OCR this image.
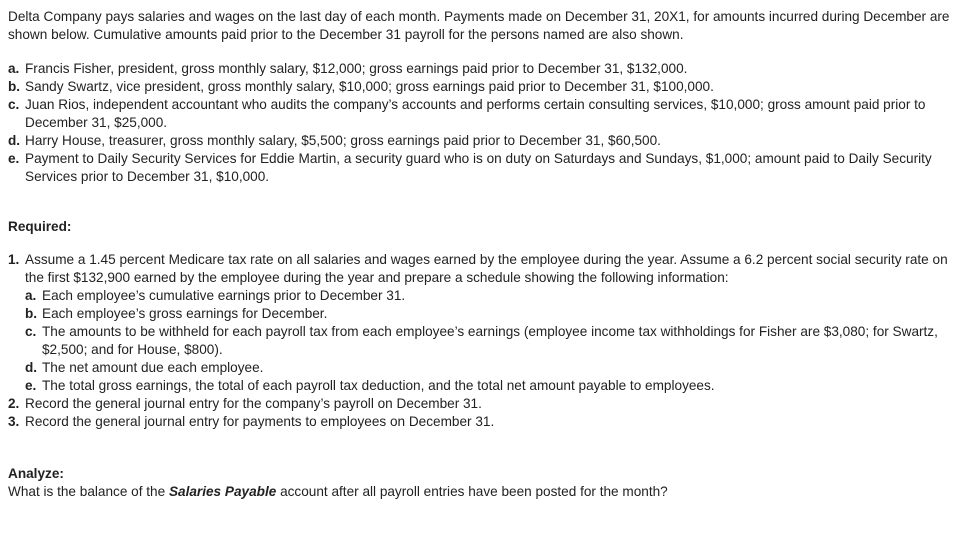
Delta Company pays salaries and wages on the last day of each month. Payments made on December 31, 20X1, for amounts incurred during December are shown below. Cumulative amounts paid prior to the December 31 payroll for the persons named are also shown.

a. Francis Fisher, president, gross monthly salary, $12,000; gross earnings paid prior to December 31, $132,000.
b. Sandy Swartz, vice president, gross monthly salary, $10,000; gross earnings paid prior to December 31, $100,000.
c. Juan Rios, independent accountant who audits the company’s accounts and performs certain consulting services, $10,000; gross amount paid prior to December 31, $25,000.
d. Harry House, treasurer, gross monthly salary, $5,500; gross earnings paid prior to December 31, $60,500.
e. Payment to Daily Security Services for Eddie Martin, a security guard who is on duty on Saturdays and Sundays, $1,000; amount paid to Daily Security Services prior to December 31, $10,000.

Required:

1. Assume a 1.45 percent Medicare tax rate on all salaries and wages earned by the employee during the year. Assume a 6.2 percent social security rate on the first $132,900 earned by the employee during the year and prepare a schedule showing the following information:
a. Each employee’s cumulative earnings prior to December 31.
b. Each employee’s gross earnings for December.
c. The amounts to be withheld for each payroll tax from each employee’s earnings (employee income tax withholdings for Fisher are $3,080; for Swartz, $2,500; and for House, $800).
d. The net amount due each employee.
e. The total gross earnings, the total of each payroll tax deduction, and the total net amount payable to employees.
2. Record the general journal entry for the company’s payroll on December 31.
3. Record the general journal entry for payments to employees on December 31.

Analyze:

What is the balance of the Salaries Payable account after all payroll entries have been posted for the month?
